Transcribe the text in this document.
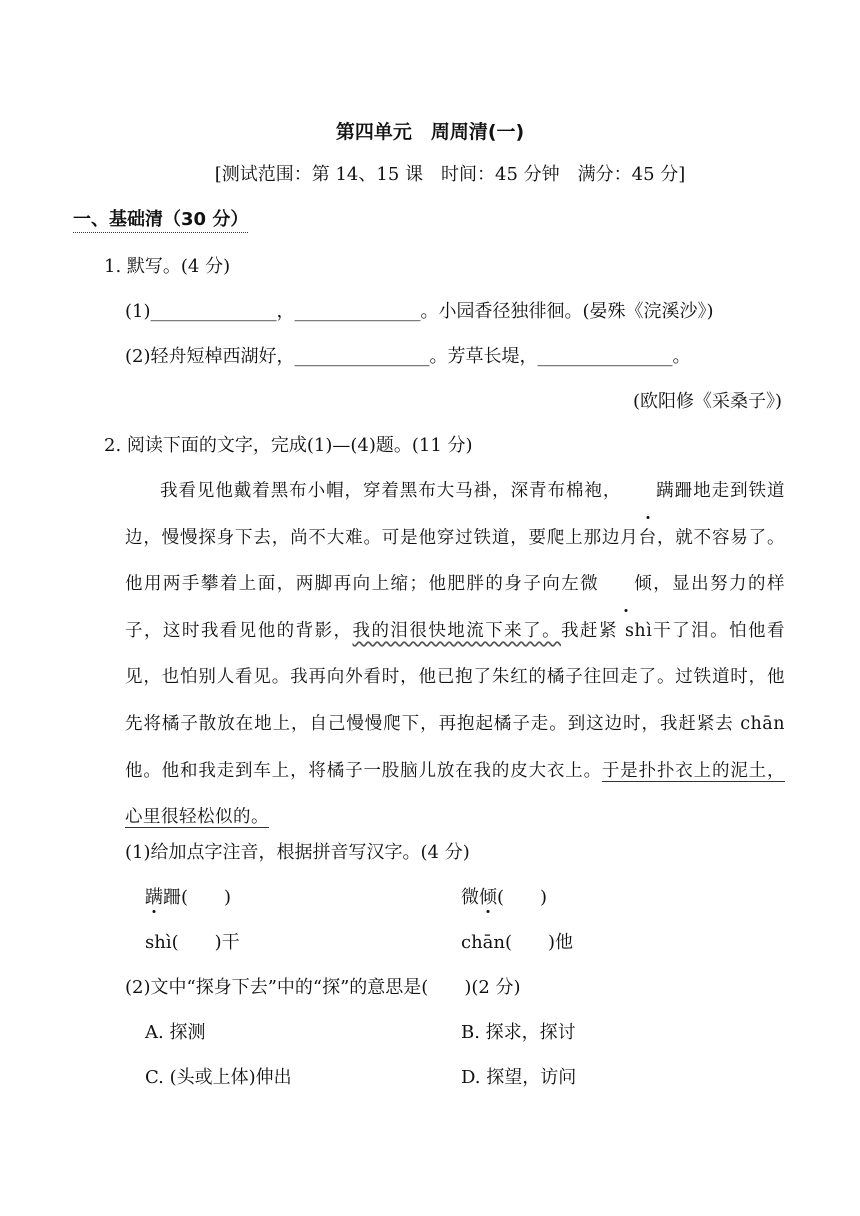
第四单元　周周清(一)
[测试范围：第 14、15 课　时间：45 分钟　满分：45 分]
一、基础清（30 分）
1. 默写。(4 分)
(1)______________，______________。小园香径独徘徊。(晏殊《浣溪沙》)
(2)轻舟短棹西湖好，_______________。芳草长堤，_______________。
(欧阳修《采桑子》)
2. 阅读下面的文字，完成(1)—(4)题。(11 分)

我看见他戴着黑布小帽，穿着黑布大马褂，深青布棉袍， 蹒跚地走到铁道边，慢慢探身下去，尚不大难。可是他穿过铁道，要爬上那边月台，就不容易了。他用两手攀着上面，两脚再向上缩；他肥胖的身子向左微 倾，显出努力的样子，这时我看见他的背影，我的泪很快地流下来了。我赶紧 shì干了泪。怕他看见，也怕别人看见。我再向外看时，他已抱了朱红的橘子往回走了。过铁道时，他先将橘子散放在地上，自己慢慢爬下，再抱起橘子走。到这边时，我赶紧去 chān 他。他和我走到车上，将橘子一股脑儿放在我的皮大衣上。于是扑扑衣上的泥土，心里很轻松似的。

(1)给加点字注音，根据拼音写汉字。(4 分)
蹒跚(　　)	微倾(　　)
shì(　　)干	chān(　　)他
(2)文中“探身下去”中的“探”的意思是(　　)(2 分)
A. 探测	B. 探求，探讨
C. (头或上体)伸出	D. 探望，访问
